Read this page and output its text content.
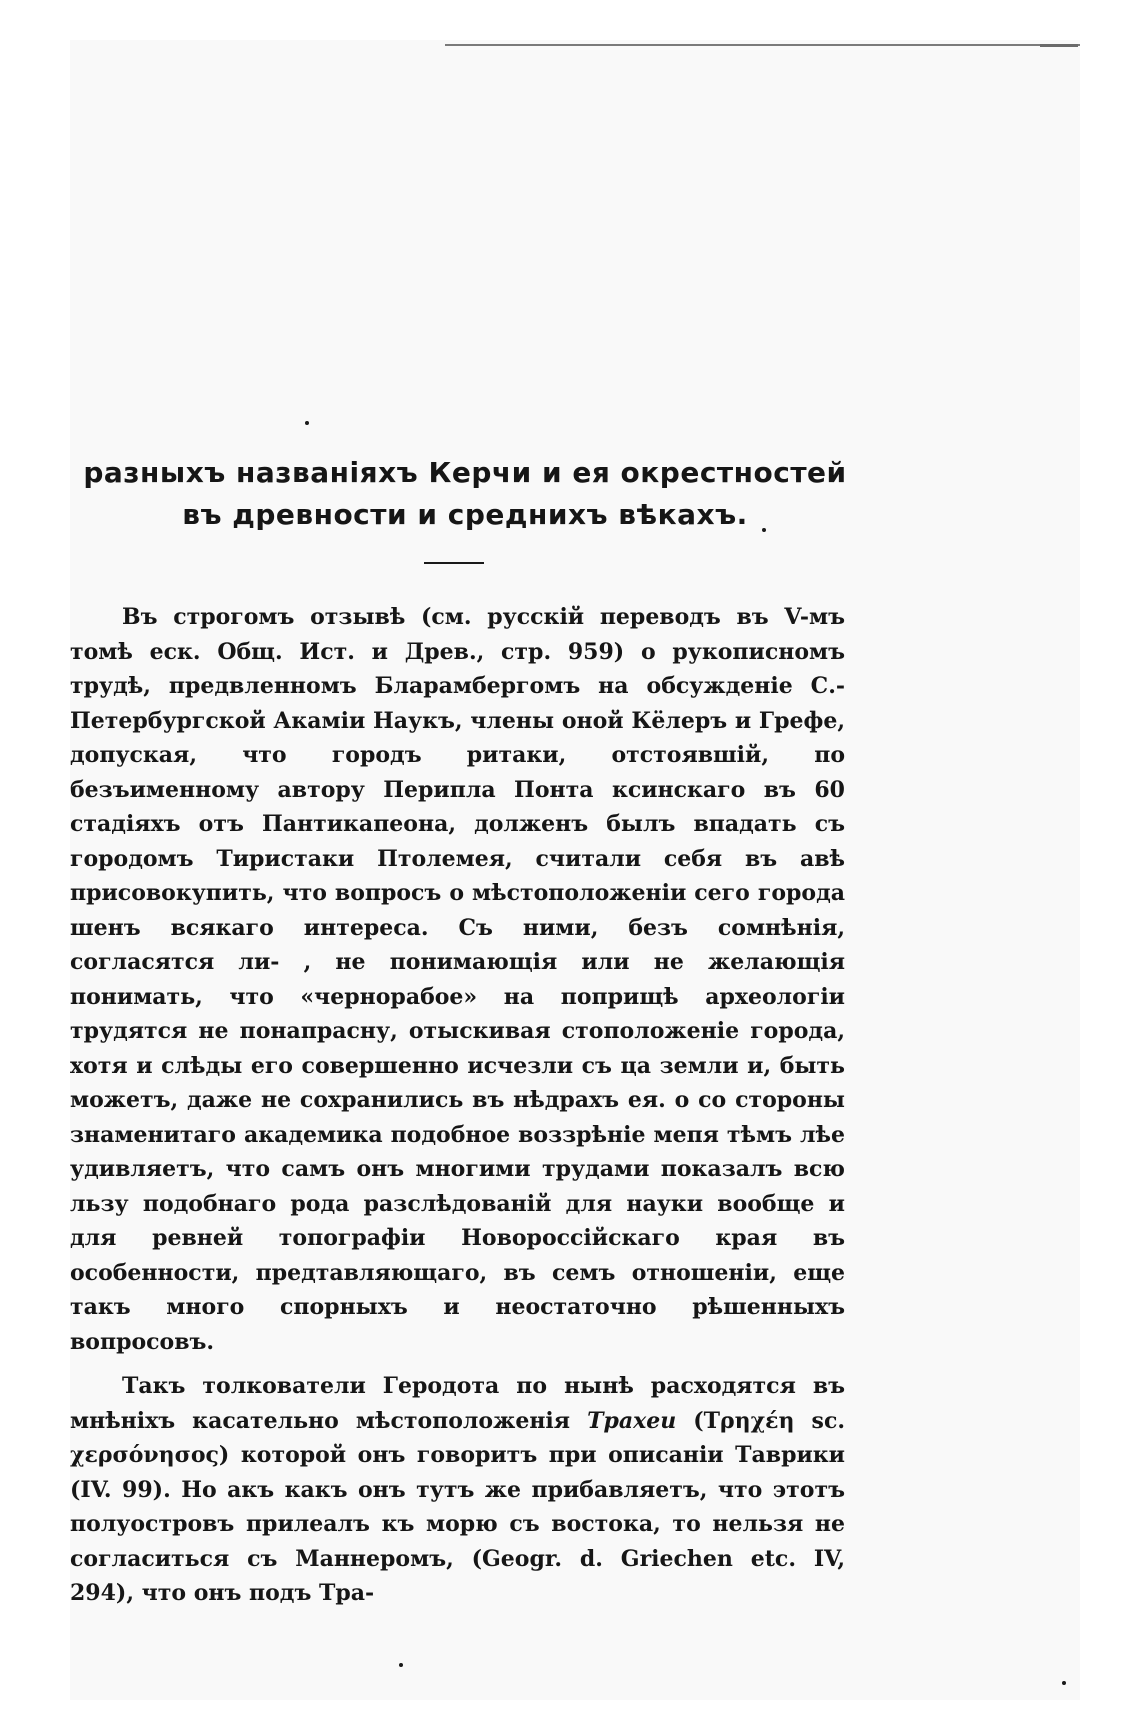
разныхъ названіяхъ Керчи и ея окрестностей въ древности и среднихъ вѣкахъ.

Въ строгомъ отзывѣ (см. русскій переводъ въ V-мъ томѣ еск. Общ. Ист. и Древ., стр. 959) о рукописномъ трудѣ, предвленномъ Бларамбергомъ на обсужденіе С.-Петербургской Акаміи Наукъ, члены оной Кёлеръ и Грефе, допуская, что городъ ритаки, отстоявшій, по безъименному автору Перипла Понта ксинскаго въ 60 стадіяхъ отъ Пантикапеона, долженъ былъ впадать съ городомъ Тиристаки Птолемея, считали себя въ авѣ присовокупить, что вопросъ о мѣстоположеніи сего города шенъ всякаго интереса. Съ ними, безъ сомнѣнія, согласятся ли- , не понимающія или не желающія понимать, что «чернорабое» на поприщѣ археологіи трудятся не понапрасну, отыскивая стоположеніе города, хотя и слѣды его совершенно исчезли съ ца земли и, быть можетъ, даже не сохранились въ нѣдрахъ ея. о со стороны знаменитаго академика подобное воззрѣніе мепя тѣмъ лѣе удивляетъ, что самъ онъ многими трудами показалъ всю льзу подобнаго рода разслѣдованій для науки вообще и для ревней топографіи Новороссійскаго края въ особенности, предтавляющаго, въ семъ отношеніи, еще такъ много спорныхъ и неостаточно рѣшенныхъ вопросовъ.

Такъ толкователи Геродота по нынѣ расходятся въ мнѣніхъ касательно мѣстоположенія Трахеи (Τρηχέη sc. χερσόνησος) которой онъ говоритъ при описаніи Таврики (IV. 99). Но акъ какъ онъ тутъ же прибавляетъ, что этотъ полуостровъ прилеалъ къ морю съ востока, то нельзя не согласиться съ Маннеромъ, (Geogr. d. Griechen etc. IV, 294), что онъ подъ Тра-
